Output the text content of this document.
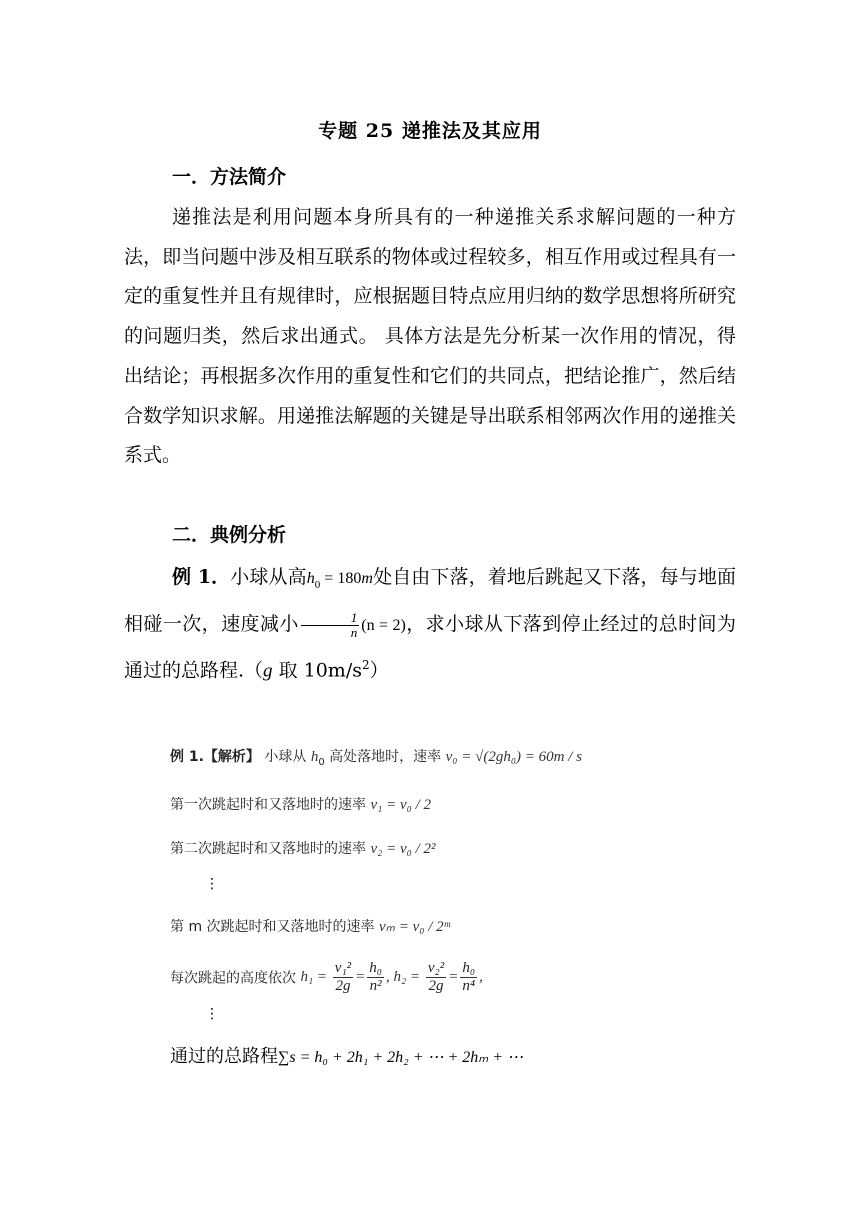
专题 25 递推法及其应用
一．方法简介
递推法是利用问题本身所具有的一种递推关系求解问题的一种方法，即当问题中涉及相互联系的物体或过程较多，相互作用或过程具有一定的重复性并且有规律时，应根据题目特点应用归纳的数学思想将所研究的问题归类，然后求出通式。 具体方法是先分析某一次作用的情况，得出结论；再根据多次作用的重复性和它们的共同点，把结论推广，然后结合数学知识求解。用递推法解题的关键是导出联系相邻两次作用的递推关系式。
二．典例分析
例 1．小球从高$h_0 = 180m$处自由下落，着地后跳起又下落，每与地面相碰一次，速度减小 $\frac{1}{n} (n = 2)$，求小球从下落到停止经过的总时间为通过的总路程.（g 取 $10m/s^2$）
例 1.【解析】 小球从 $h_0$ 高处落地时，速率 v₀ = √(2gh₀) = 60m / s
第一次跳起时和又落地时的速率 v₁ = v₀ / 2
第二次跳起时和又落地时的速率 v₂ = v₀ / 2²
⋮
第 m 次跳起时和又落地时的速率 vₘ = v₀ / 2ᵐ
每次跳起的高度依次 $h_1 = \frac{\text{v₁²}}{2g} = \frac{\text{h₀}}{\text{n²}}$ , $h_2 = \frac{\text{v₂²}}{2g} = \frac{\text{h₀}}{\text{n⁴}}$ ,
⋮
通过的总路程∑s = h₀ + 2h₁ + 2h₂ + ⋯ + 2hₘ + ⋯
